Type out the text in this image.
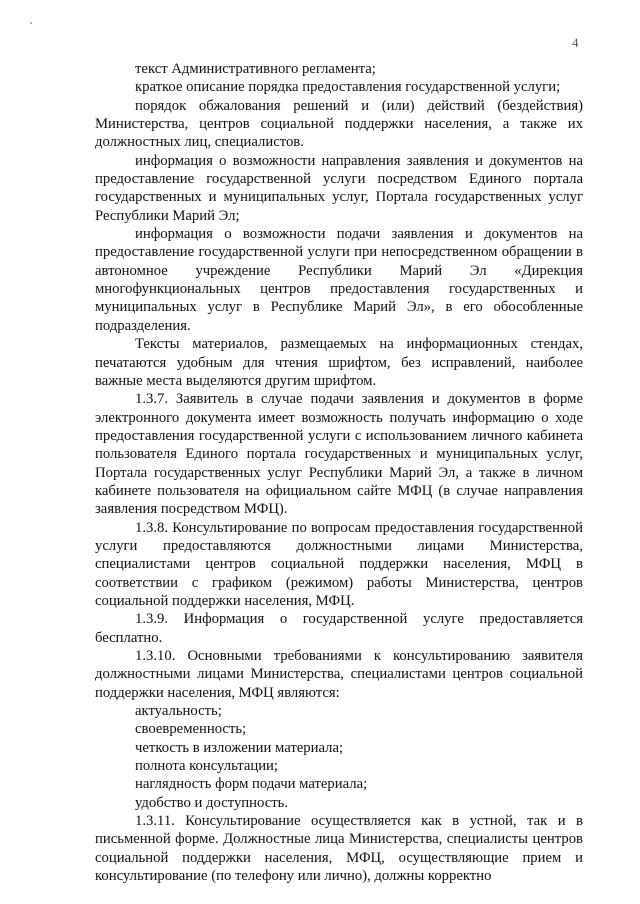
4

текст Административного регламента;

краткое описание порядка предоставления государственной услуги;

порядок обжалования решений и (или) действий (бездействия) Министерства, центров социальной поддержки населения, а также их должностных лиц, специалистов.

информация о возможности направления заявления и документов на предоставление государственной услуги посредством Единого портала государственных и муниципальных услуг, Портала государственных услуг Республики Марий Эл;

информация о возможности подачи заявления и документов на предоставление государственной услуги при непосредственном обращении в автономное учреждение Республики Марий Эл «Дирекция многофункциональных центров предоставления государственных и муниципальных услуг в Республике Марий Эл», в его обособленные подразделения.

Тексты материалов, размещаемых на информационных стендах, печатаются удобным для чтения шрифтом, без исправлений, наиболее важные места выделяются другим шрифтом.

1.3.7. Заявитель в случае подачи заявления и документов в форме электронного документа имеет возможность получать информацию о ходе предоставления государственной услуги с использованием личного кабинета пользователя Единого портала государственных и муниципальных услуг, Портала государственных услуг Республики Марий Эл, а также в личном кабинете пользователя на официальном сайте МФЦ (в случае направления заявления посредством МФЦ).

1.3.8. Консультирование по вопросам предоставления государственной услуги предоставляются должностными лицами Министерства, специалистами центров социальной поддержки населения, МФЦ в соответствии с графиком (режимом) работы Министерства, центров социальной поддержки населения, МФЦ.

1.3.9. Информация о государственной услуге предоставляется бесплатно.

1.3.10. Основными требованиями к консультированию заявителя должностными лицами Министерства, специалистами центров социальной поддержки населения, МФЦ являются:

актуальность;

своевременность;

четкость в изложении материала;

полнота консультации;

наглядность форм подачи материала;

удобство и доступность.

1.3.11. Консультирование осуществляется как в устной, так и в письменной форме. Должностные лица Министерства, специалисты центров социальной поддержки населения, МФЦ, осуществляющие прием и консультирование (по телефону или лично), должны корректно
